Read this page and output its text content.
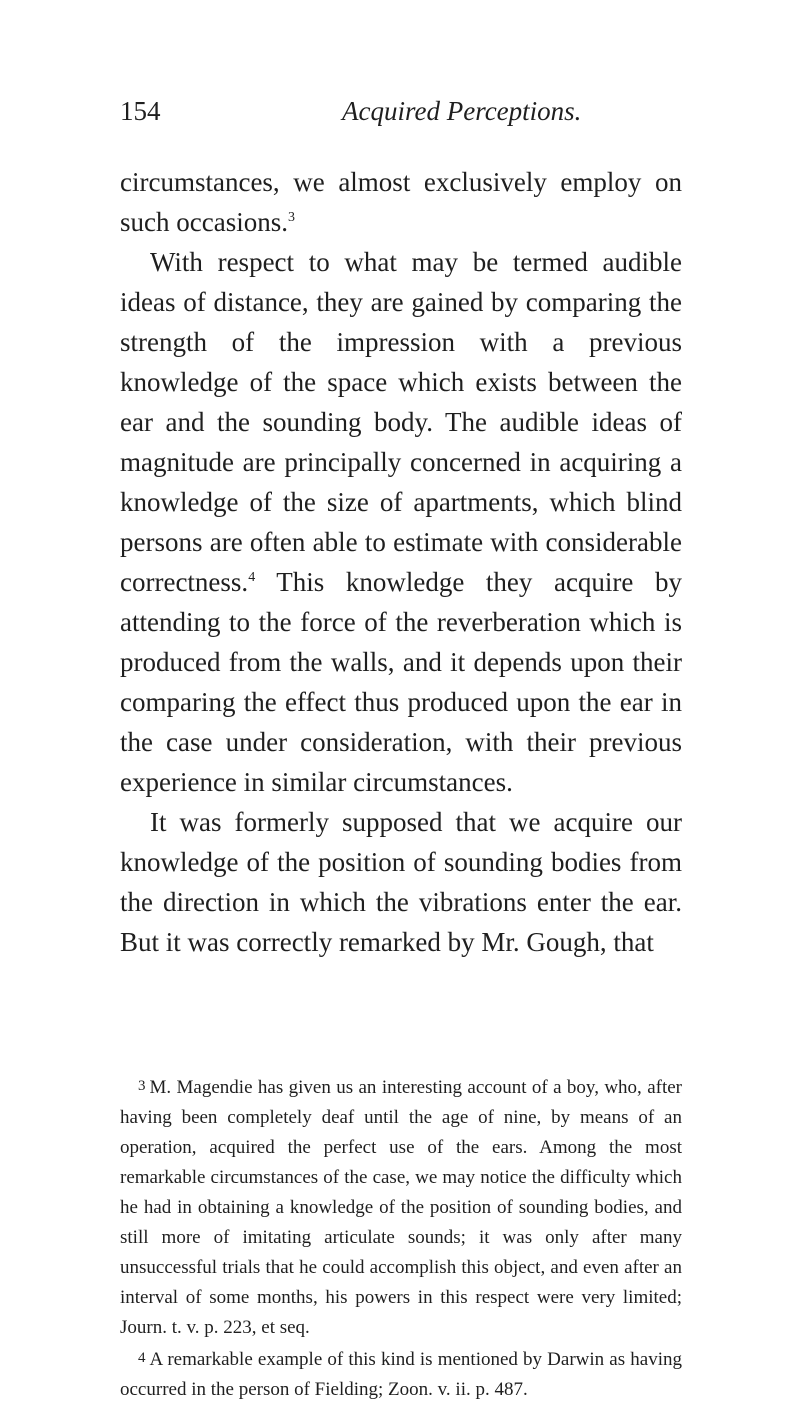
154	Acquired Perceptions.

circumstances, we almost exclusively employ on such occasions.$^3$

With respect to what may be termed audible ideas of distance, they are gained by comparing the strength of the impression with a previous knowledge of the space which exists between the ear and the sounding body. The audible ideas of magnitude are principally concerned in acquiring a knowledge of the size of apartments, which blind persons are often able to estimate with considerable correctness.$^4$ This knowledge they acquire by attending to the force of the reverberation which is produced from the walls, and it depends upon their comparing the effect thus produced upon the ear in the case under consideration, with their previous experience in similar circumstances.

It was formerly supposed that we acquire our knowledge of the position of sounding bodies from the direction in which the vibrations enter the ear. But it was correctly remarked by Mr. Gough, that

3 M. Magendie has given us an interesting account of a boy, who, after having been completely deaf until the age of nine, by means of an operation, acquired the perfect use of the ears. Among the most remarkable circumstances of the case, we may notice the difficulty which he had in obtaining a knowledge of the position of sounding bodies, and still more of imitating articulate sounds; it was only after many unsuccessful trials that he could accomplish this object, and even after an interval of some months, his powers in this respect were very limited; Journ. t. v. p. 223, et seq.

4 A remarkable example of this kind is mentioned by Darwin as having occurred in the person of Fielding; Zoon. v. ii. p. 487.
